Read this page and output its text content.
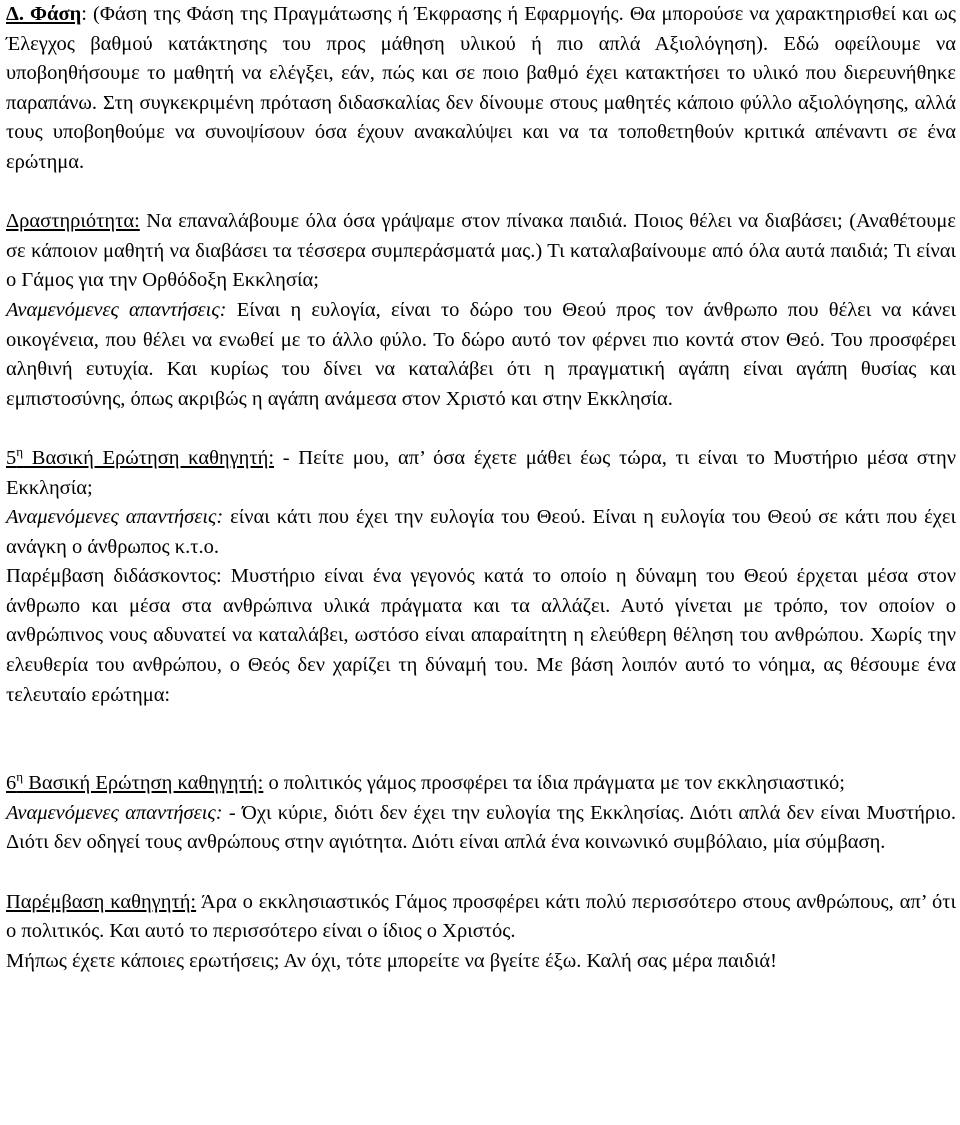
Δ. Φάση: (Φάση της Φάση της Πραγμάτωσης ή Έκφρασης ή Εφαρμογής. Θα μπορούσε να χαρακτηρισθεί και ως Έλεγχος βαθμού κατάκτησης του προς μάθηση υλικού ή πιο απλά Αξιολόγηση). Εδώ οφείλουμε να υποβοηθήσουμε το μαθητή να ελέγξει, εάν, πώς και σε ποιο βαθμό έχει κατακτήσει το υλικό που διερευνήθηκε παραπάνω. Στη συγκεκριμένη πρόταση διδασκαλίας δεν δίνουμε στους μαθητές κάποιο φύλλο αξιολόγησης, αλλά τους υποβοηθούμε να συνοψίσουν όσα έχουν ανακαλύψει και να τα τοποθετηθούν κριτικά απέναντι σε ένα ερώτημα.

Δραστηριότητα: Να επαναλάβουμε όλα όσα γράψαμε στον πίνακα παιδιά. Ποιος θέλει να διαβάσει; (Αναθέτουμε σε κάποιον μαθητή να διαβάσει τα τέσσερα συμπεράσματά μας.) Τι καταλαβαίνουμε από όλα αυτά παιδιά; Τι είναι ο Γάμος για την Ορθόδοξη Εκκλησία;
Αναμενόμενες απαντήσεις: Είναι η ευλογία, είναι το δώρο του Θεού προς τον άνθρωπο που θέλει να κάνει οικογένεια, που θέλει να ενωθεί με το άλλο φύλο. Το δώρο αυτό τον φέρνει πιο κοντά στον Θεό. Του προσφέρει αληθινή ευτυχία. Και κυρίως του δίνει να καταλάβει ότι η πραγματική αγάπη είναι αγάπη θυσίας και εμπιστοσύνης, όπως ακριβώς η αγάπη ανάμεσα στον Χριστό και στην Εκκλησία.

$5^\eta$ Βασική Ερώτηση καθηγητή: - Πείτε μου, απ’ όσα έχετε μάθει έως τώρα, τι είναι το Μυστήριο μέσα στην Εκκλησία;
Αναμενόμενες απαντήσεις: είναι κάτι που έχει την ευλογία του Θεού. Είναι η ευλογία του Θεού σε κάτι που έχει ανάγκη ο άνθρωπος κ.τ.ο.
Παρέμβαση διδάσκοντος: Μυστήριο είναι ένα γεγονός κατά το οποίο η δύναμη του Θεού έρχεται μέσα στον άνθρωπο και μέσα στα ανθρώπινα υλικά πράγματα και τα αλλάζει. Αυτό γίνεται με τρόπο, τον οποίον ο ανθρώπινος νους αδυνατεί να καταλάβει, ωστόσο είναι απαραίτητη η ελεύθερη θέληση του ανθρώπου. Χωρίς την ελευθερία του ανθρώπου, ο Θεός δεν χαρίζει τη δύναμή του. Με βάση λοιπόν αυτό το νόημα, ας θέσουμε ένα τελευταίο ερώτημα:

$6^\eta$ Βασική Ερώτηση καθηγητή: ο πολιτικός γάμος προσφέρει τα ίδια πράγματα με τον εκκλησιαστικό;
Αναμενόμενες απαντήσεις: - Όχι κύριε, διότι δεν έχει την ευλογία της Εκκλησίας. Διότι απλά δεν είναι Μυστήριο. Διότι δεν οδηγεί τους ανθρώπους στην αγιότητα. Διότι είναι απλά ένα κοινωνικό συμβόλαιο, μία σύμβαση.

Παρέμβαση καθηγητή: Άρα ο εκκλησιαστικός Γάμος προσφέρει κάτι πολύ περισσότερο στους ανθρώπους, απ’ ότι ο πολιτικός. Και αυτό το περισσότερο είναι ο ίδιος ο Χριστός.
Μήπως έχετε κάποιες ερωτήσεις; Αν όχι, τότε μπορείτε να βγείτε έξω. Καλή σας μέρα παιδιά!
